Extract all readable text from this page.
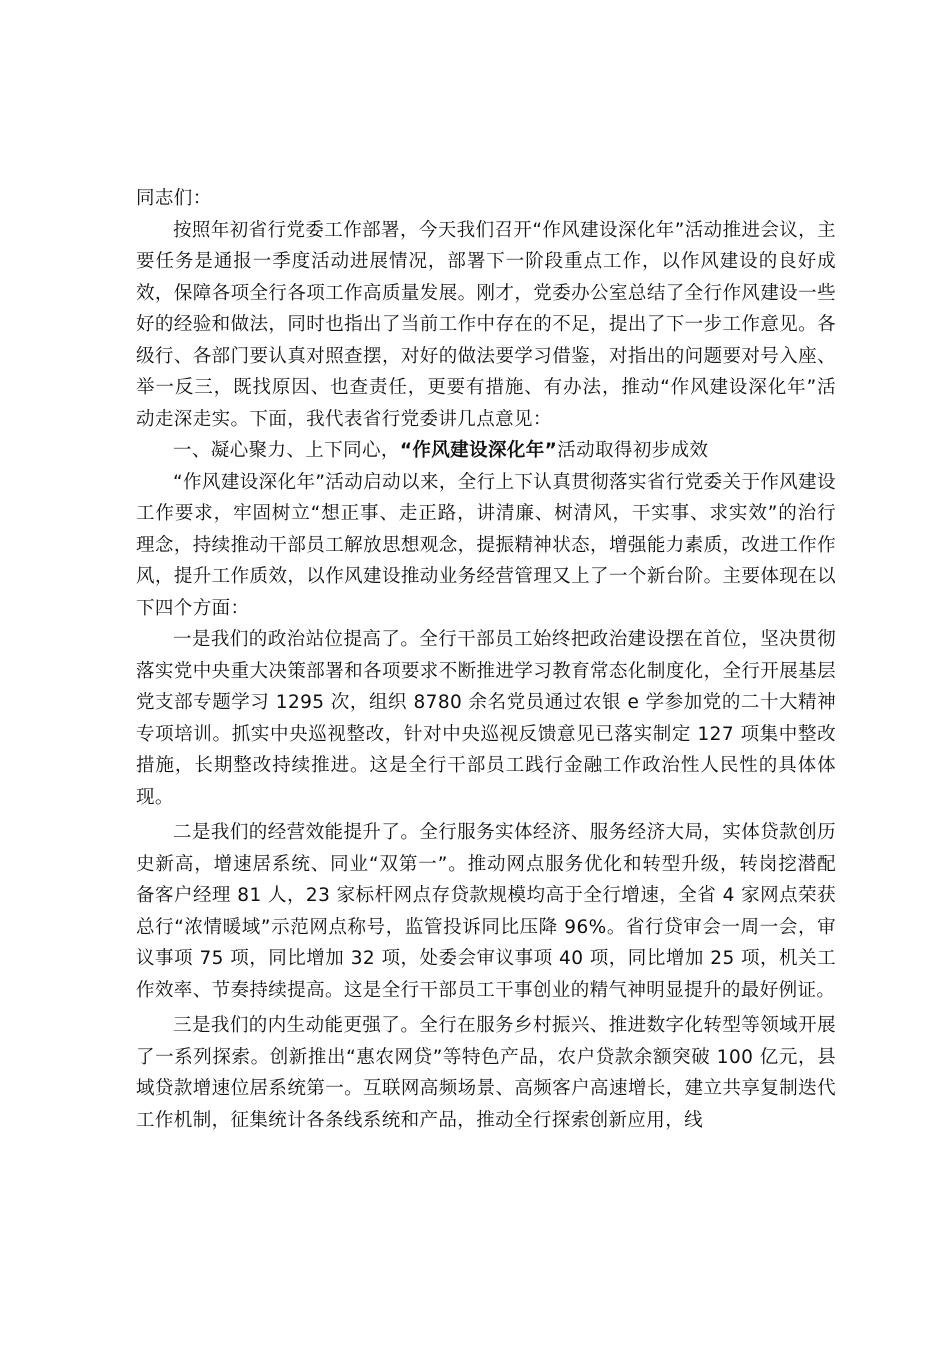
同志们：

按照年初省行党委工作部署，今天我们召开“作风建设深化年”活动推进会议，主要任务是通报一季度活动进展情况，部署下一阶段重点工作，以作风建设的良好成效，保障各项全行各项工作高质量发展。刚才，党委办公室总结了全行作风建设一些好的经验和做法，同时也指出了当前工作中存在的不足，提出了下一步工作意见。各级行、各部门要认真对照查摆，对好的做法要学习借鉴，对指出的问题要对号入座、举一反三，既找原因、也查责任，更要有措施、有办法，推动“作风建设深化年”活动走深走实。下面，我代表省行党委讲几点意见：

一、凝心聚力、上下同心，“作风建设深化年”活动取得初步成效

“作风建设深化年”活动启动以来，全行上下认真贯彻落实省行党委关于作风建设工作要求，牢固树立“想正事、走正路，讲清廉、树清风，干实事、求实效”的治行理念，持续推动干部员工解放思想观念，提振精神状态，增强能力素质，改进工作作风，提升工作质效，以作风建设推动业务经营管理又上了一个新台阶。主要体现在以下四个方面：

一是我们的政治站位提高了。全行干部员工始终把政治建设摆在首位，坚决贯彻落实党中央重大决策部署和各项要求不断推进学习教育常态化制度化，全行开展基层党支部专题学习 1295 次，组织 8780 余名党员通过农银 e 学参加党的二十大精神专项培训。抓实中央巡视整改，针对中央巡视反馈意见已落实制定 127 项集中整改措施，长期整改持续推进。这是全行干部员工践行金融工作政治性人民性的具体体现。

二是我们的经营效能提升了。全行服务实体经济、服务经济大局，实体贷款创历史新高，增速居系统、同业“双第一”。推动网点服务优化和转型升级，转岗挖潜配备客户经理 81 人，23 家标杆网点存贷款规模均高于全行增速，全省 4 家网点荣获总行“浓情暖域”示范网点称号，监管投诉同比压降 96%。省行贷审会一周一会，审议事项 75 项，同比增加 32 项，处委会审议事项 40 项，同比增加 25 项，机关工作效率、节奏持续提高。这是全行干部员工干事创业的精气神明显提升的最好例证。

三是我们的内生动能更强了。全行在服务乡村振兴、推进数字化转型等领域开展了一系列探索。创新推出“惠农网贷”等特色产品，农户贷款余额突破 100 亿元，县域贷款增速位居系统第一。互联网高频场景、高频客户高速增长，建立共享复制迭代工作机制，征集统计各条线系统和产品，推动全行探索创新应用，线
